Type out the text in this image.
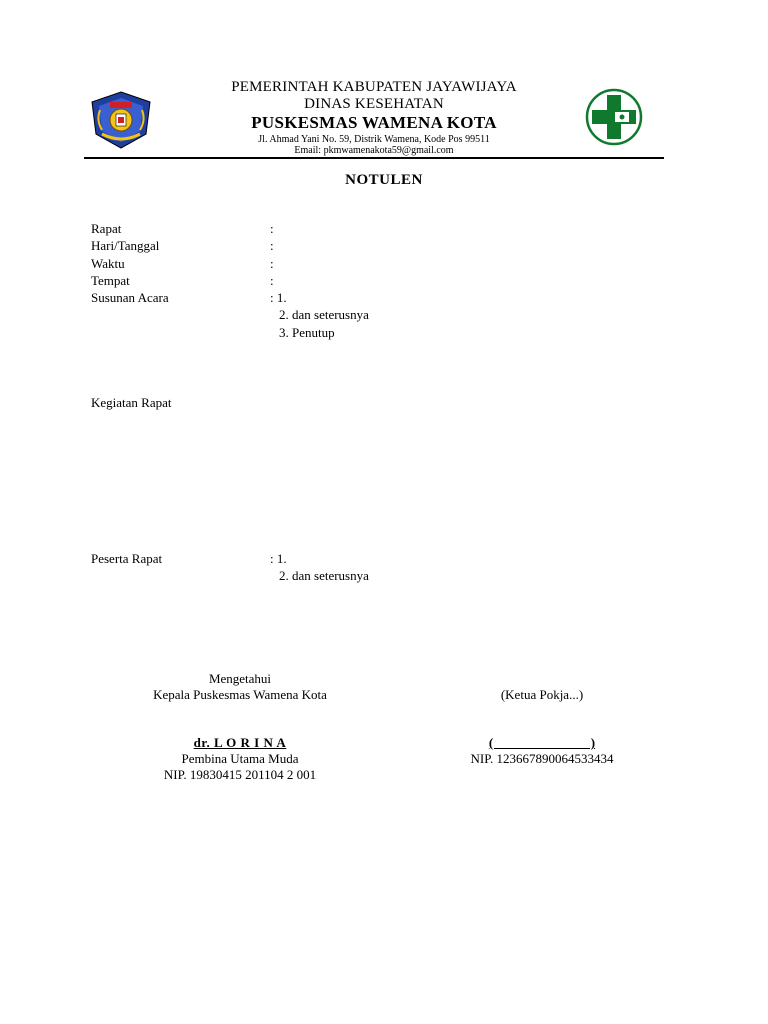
PEMERINTAH KABUPATEN JAYAWIJAYA
DINAS KESEHATAN
PUSKESMAS WAMENA KOTA
Jl. Ahmad Yani No. 59, Distrik Wamena, Kode Pos 99511
Email: pkmwamenakota59@gmail.com
NOTULEN
Rapat	:
Hari/Tanggal	:
Waktu	:
Tempat	:
Susunan Acara	: 1.
2. dan seterusnya
3. Penutup
Kegiatan Rapat
Peserta Rapat	: 1.
2. dan seterusnya
Mengetahui
Kepala Puskesmas Wamena Kota
dr. L O R I N A
Pembina Utama Muda
NIP. 19830415 201104 2 001
(Ketua Pokja...)
(                              )
NIP. 123667890064533434
